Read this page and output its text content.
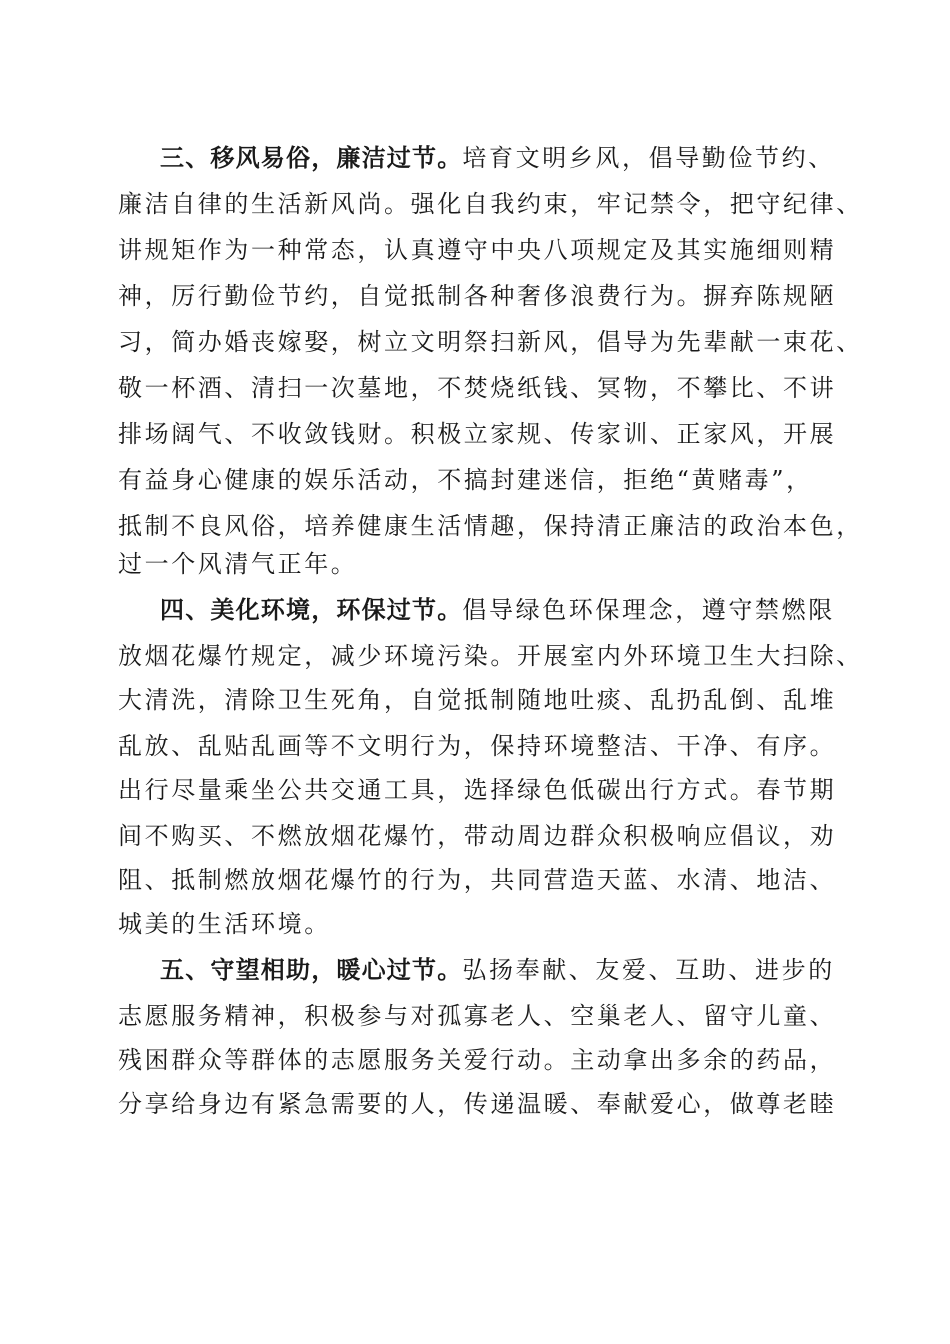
三、移风易俗，廉洁过节。培育文明乡风，倡导勤俭节约、
廉洁自律的生活新风尚。强化自我约束，牢记禁令，把守纪律、
讲规矩作为一种常态，认真遵守中央八项规定及其实施细则精
神，厉行勤俭节约，自觉抵制各种奢侈浪费行为。摒弃陈规陋
习，简办婚丧嫁娶，树立文明祭扫新风，倡导为先辈献一束花、
敬一杯酒、清扫一次墓地，不焚烧纸钱、冥物，不攀比、不讲
排场阔气、不收敛钱财。积极立家规、传家训、正家风，开展
有益身心健康的娱乐活动，不搞封建迷信，拒绝“黄赌毒”，
抵制不良风俗，培养健康生活情趣，保持清正廉洁的政治本色，
过一个风清气正年。
四、美化环境，环保过节。倡导绿色环保理念，遵守禁燃限
放烟花爆竹规定，减少环境污染。开展室内外环境卫生大扫除、
大清洗，清除卫生死角，自觉抵制随地吐痰、乱扔乱倒、乱堆
乱放、乱贴乱画等不文明行为，保持环境整洁、干净、有序。
出行尽量乘坐公共交通工具，选择绿色低碳出行方式。春节期
间不购买、不燃放烟花爆竹，带动周边群众积极响应倡议，劝
阻、抵制燃放烟花爆竹的行为，共同营造天蓝、水清、地洁、
城美的生活环境。
五、守望相助，暖心过节。弘扬奉献、友爱、互助、进步的
志愿服务精神，积极参与对孤寡老人、空巢老人、留守儿童、
残困群众等群体的志愿服务关爱行动。主动拿出多余的药品，
分享给身边有紧急需要的人，传递温暖、奉献爱心，做尊老睦
